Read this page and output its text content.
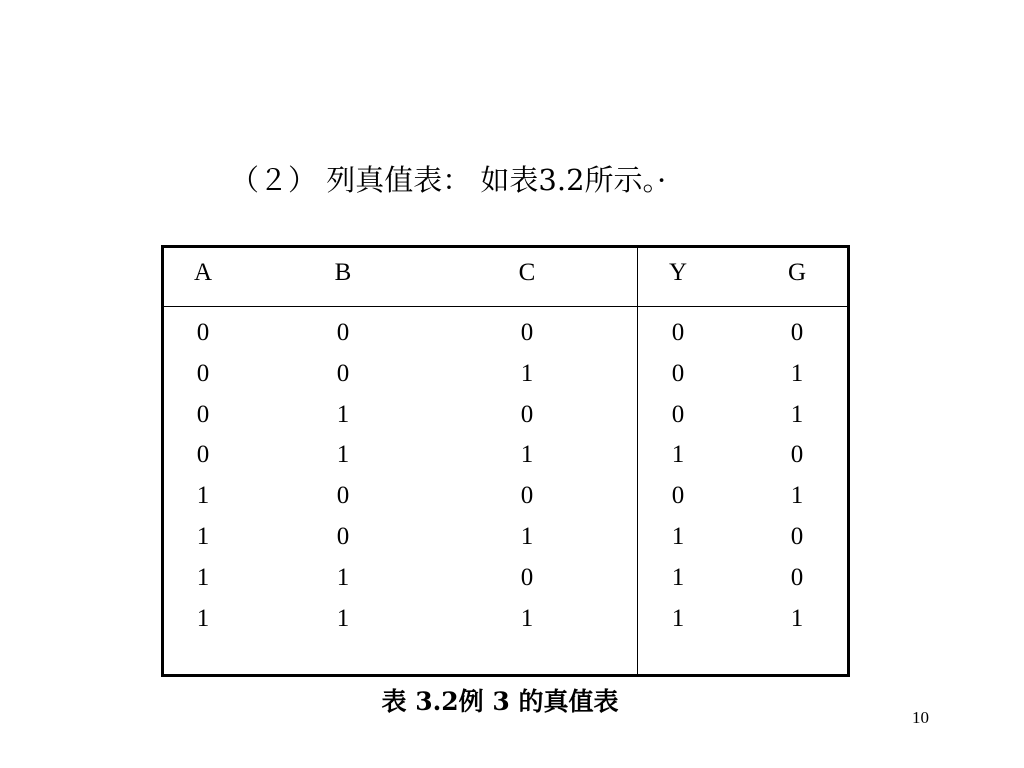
（２） 列真值表： 如表3.2所示。·
A	B	C	Y	G
0	0	0	0	0
0	0	1	0	1
0	1	0	0	1
0	1	1	1	0
1	0	0	0	1
1	0	1	1	0
1	1	0	1	0
1	1	1	1	1
表 3.2例 3 的真值表
10
